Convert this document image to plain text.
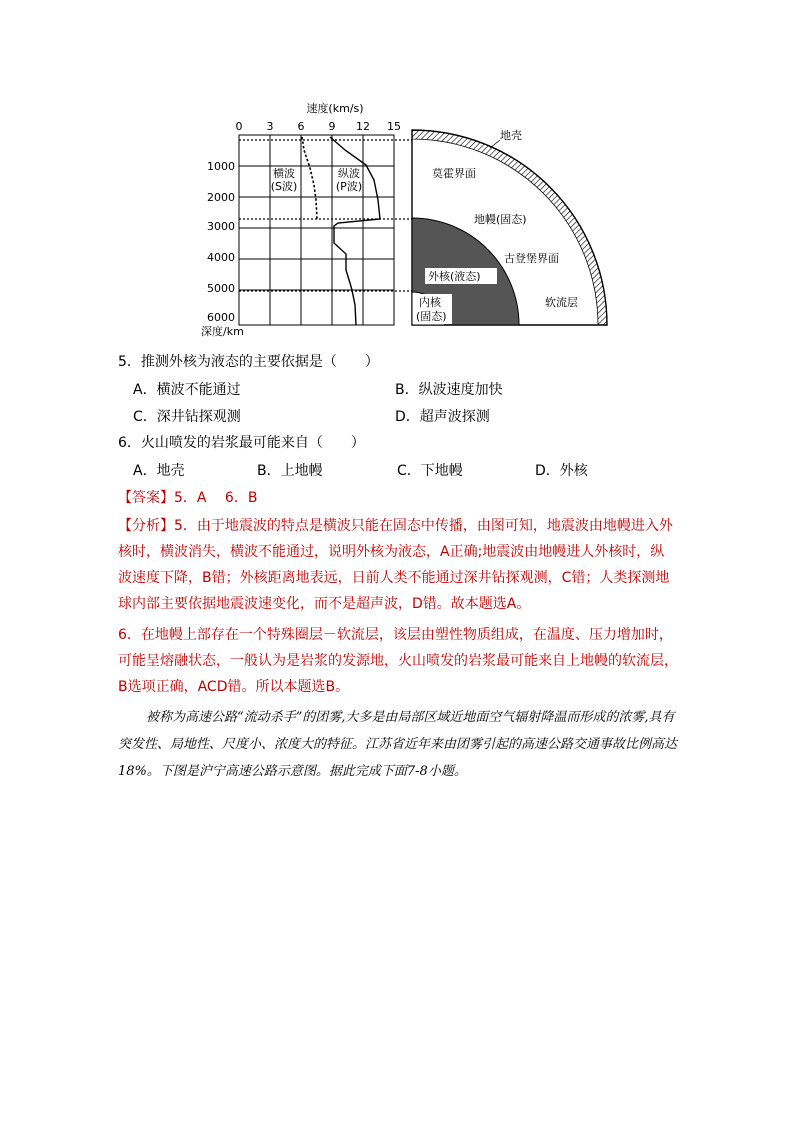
速度(km/s)
0 3 6 9 12 15
1000
2000
3000
4000
5000
6000
深度/km
横波
(S波)
纵波
(P波)
地壳
莫霍界面
地幔(固态)
古登堡界面
外核(液态)
内核
(固态)
软流层
5．推测外核为液态的主要依据是（　　）
A．横波不能通过	B．纵波速度加快
C．深井钻探观测	D．超声波探测
6．火山喷发的岩浆最可能来自（　　）
A．地壳	B．上地幔	C．下地幔	D．外核
【答案】5．A　 6．B
【分析】5．由于地震波的特点是横波只能在固态中传播，由图可知，地震波由地幔进入外核时，横波消失，横波不能通过，说明外核为液态，A正确;地震波由地幔进人外核时，纵波速度下降，B错；外核距离地表远，日前人类不能通过深井钻探观测，C错；人类探测地球内部主要依据地震波速变化，而不是超声波，D错。故本题选A。
6．在地幔上部存在一个特殊圈层－软流层，该层由塑性物质组成，在温度、压力增加时，可能呈熔融状态，一般认为是岩浆的发源地，火山喷发的岩浆最可能来自上地幔的软流层，B选项正确，ACD错。所以本题选B。
被称为高速公路“流动杀手”的团雾,大多是由局部区域近地面空气辐射降温而形成的浓雾,具有突发性、局地性、尺度小、浓度大的特征。江苏省近年来由团雾引起的高速公路交通事故比例高达18%。下图是沪宁高速公路示意图。据此完成下面7-8小题。
